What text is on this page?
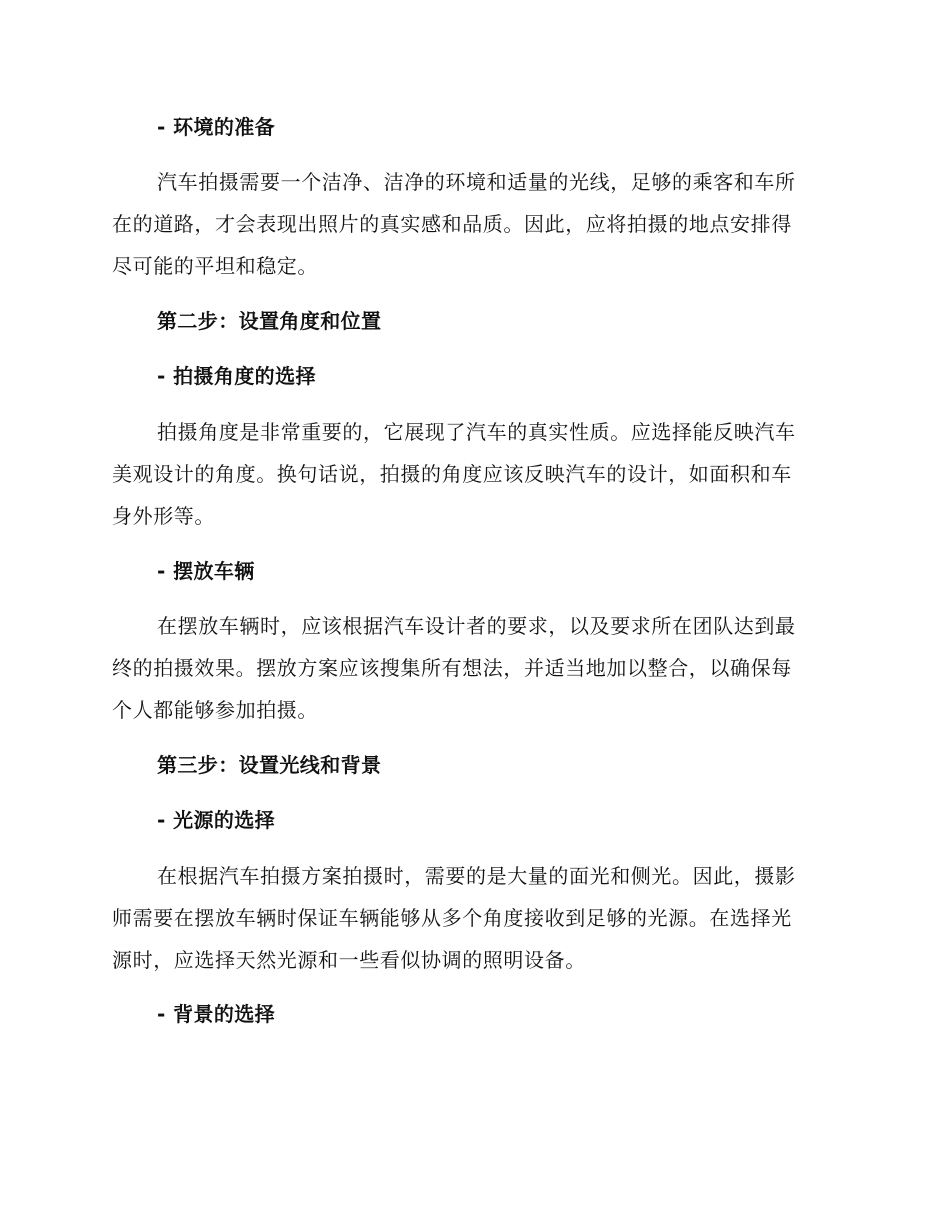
- 环境的准备
汽车拍摄需要一个洁净、洁净的环境和适量的光线，足够的乘客和车所
在的道路，才会表现出照片的真实感和品质。因此，应将拍摄的地点安排得
尽可能的平坦和稳定。
第二步：设置角度和位置
- 拍摄角度的选择
拍摄角度是非常重要的，它展现了汽车的真实性质。应选择能反映汽车
美观设计的角度。换句话说，拍摄的角度应该反映汽车的设计，如面积和车
身外形等。
- 摆放车辆
在摆放车辆时，应该根据汽车设计者的要求，以及要求所在团队达到最
终的拍摄效果。摆放方案应该搜集所有想法，并适当地加以整合，以确保每
个人都能够参加拍摄。
第三步：设置光线和背景
- 光源的选择
在根据汽车拍摄方案拍摄时，需要的是大量的面光和侧光。因此，摄影
师需要在摆放车辆时保证车辆能够从多个角度接收到足够的光源。在选择光
源时，应选择天然光源和一些看似协调的照明设备。
- 背景的选择
